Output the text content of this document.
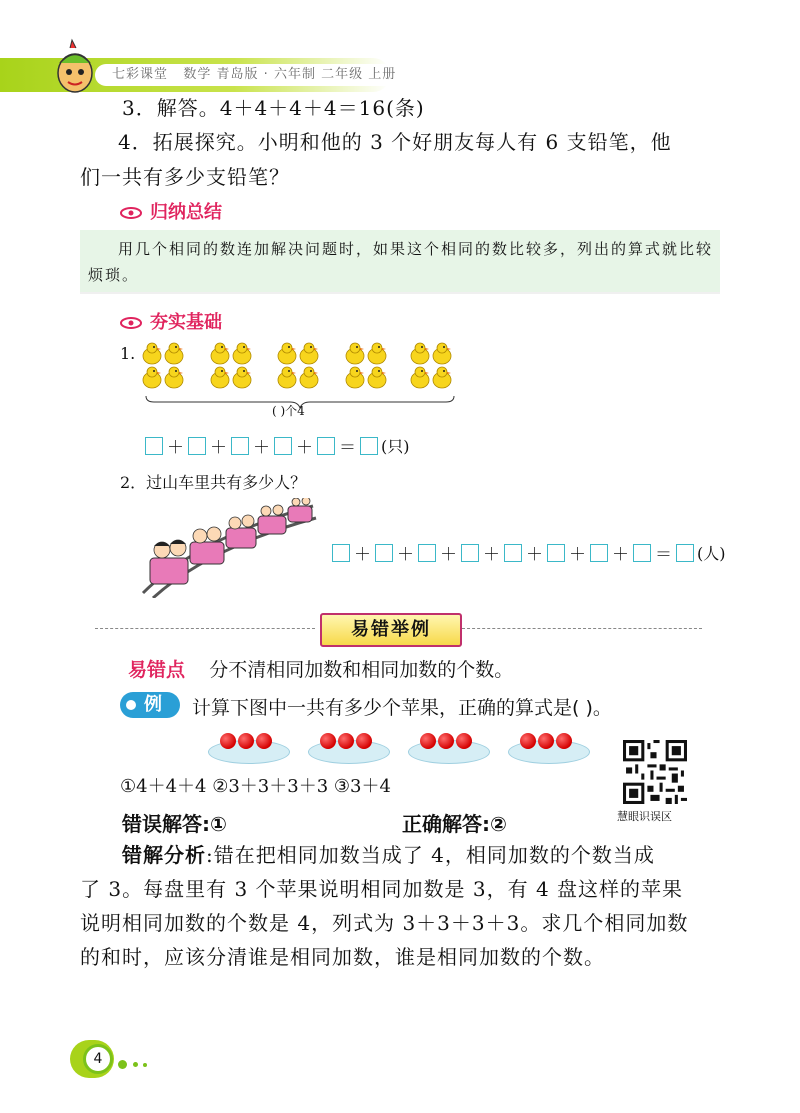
七彩课堂 数学 青岛版 · 六年制 二年级 上册
3．解答。4＋4＋4＋4＝16(条)
4．拓展探究。小明和他的 3 个好朋友每人有 6 支铅笔，他
们一共有多少支铅笔？
归纳总结
用几个相同的数连加解决问题时，如果这个相同的数比较多，列出的算式就比较烦琐。
夯实基础
1.
( )个4
＋ ＋ ＋ ＋ ＝ (只)
2．过山车里共有多少人？
＋ ＋ ＋ ＋ ＋ ＋ ＋ ＝ (人)
易错举例
易错点 分不清相同加数和相同加数的个数。
例	计算下图中一共有多少个苹果，正确的算式是( )。
①4＋4＋4 ②3＋3＋3＋3 ③3＋4
慧眼识误区
错误解答:①	正确解答:②
错解分析:错在把相同加数当成了 4，相同加数的个数当成
了 3。每盘里有 3 个苹果说明相同加数是 3，有 4 盘这样的苹果
说明相同加数的个数是 4，列式为 3＋3＋3＋3。求几个相同加数
的和时，应该分清谁是相同加数，谁是相同加数的个数。
4
